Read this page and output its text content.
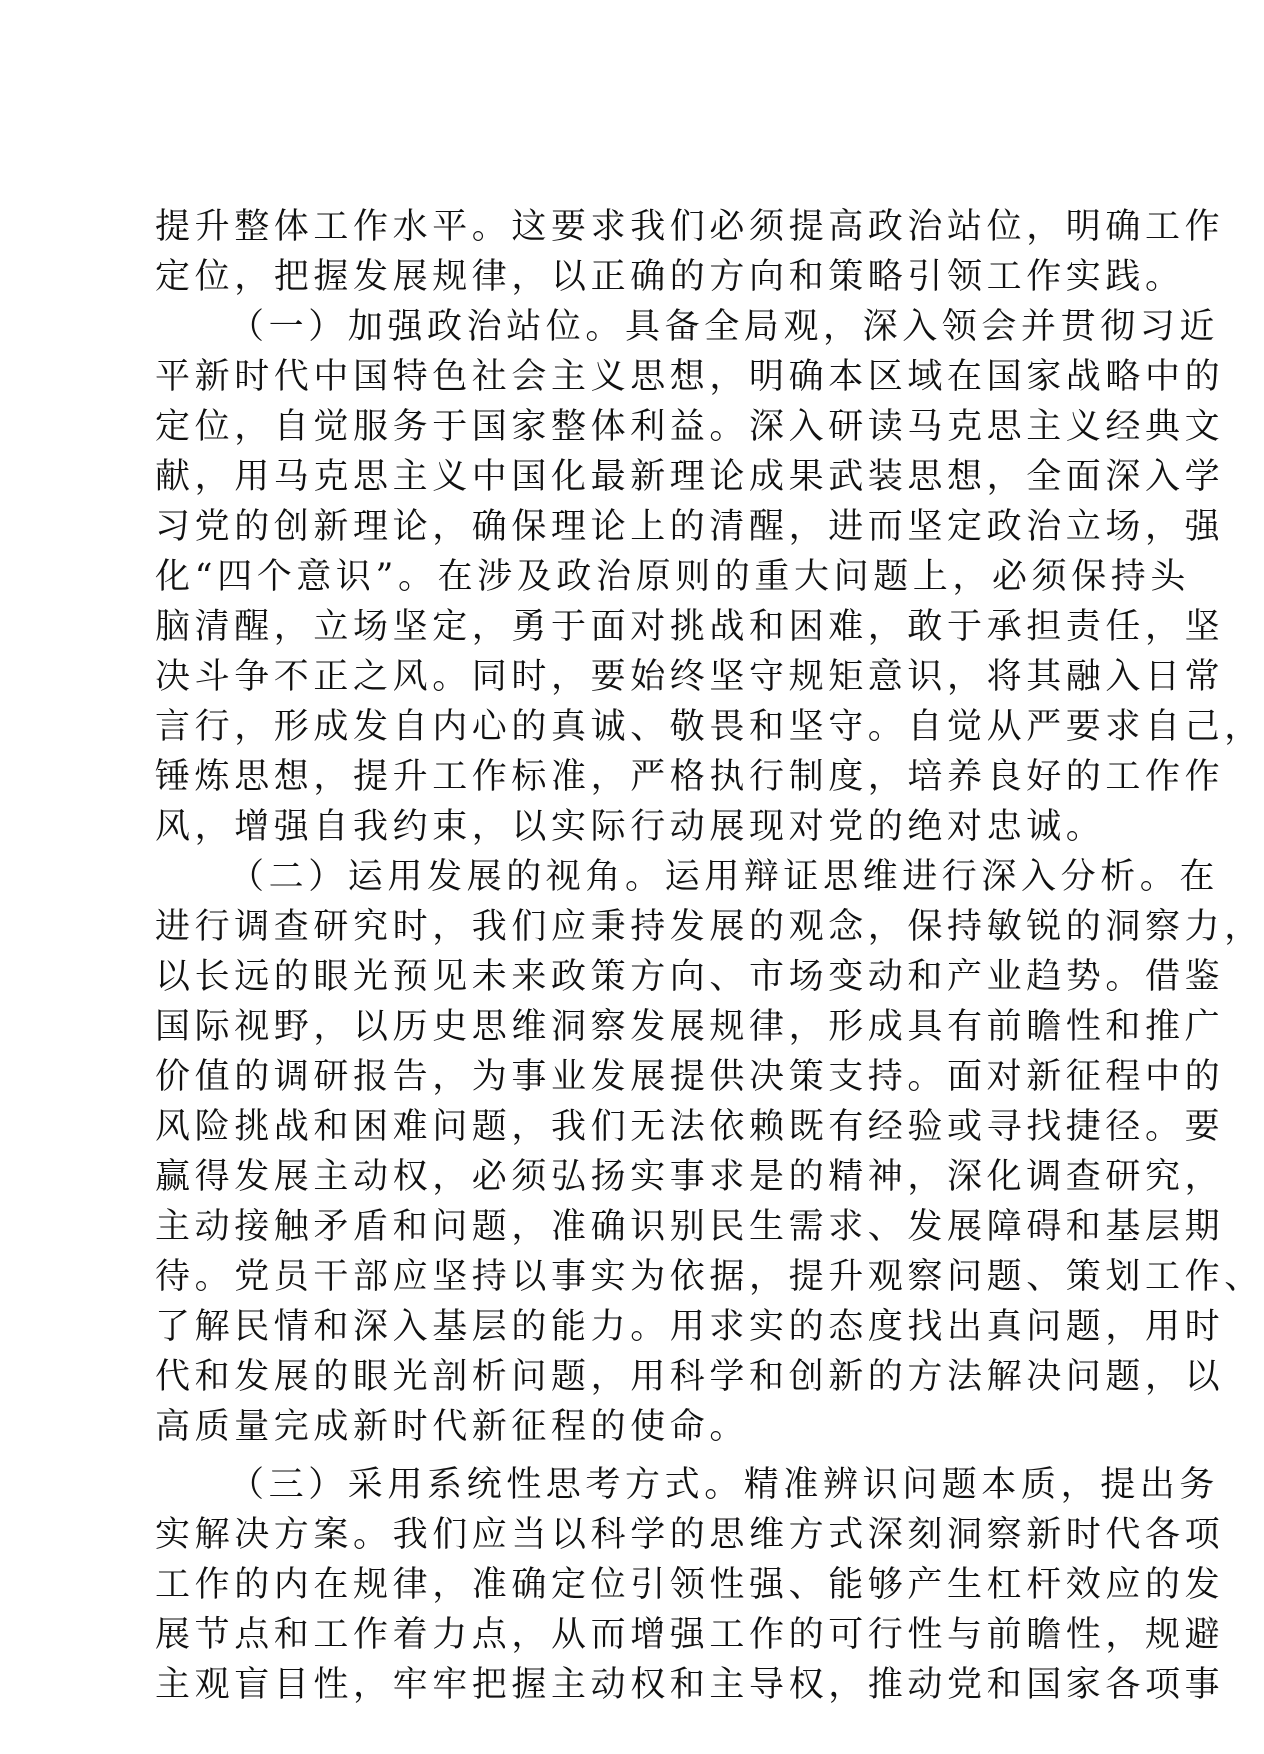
提升整体工作水平。这要求我们必须提高政治站位，明确工作
定位，把握发展规律，以正确的方向和策略引领工作实践。
（一）加强政治站位。具备全局观，深入领会并贯彻习近
平新时代中国特色社会主义思想，明确本区域在国家战略中的
定位，自觉服务于国家整体利益。深入研读马克思主义经典文
献，用马克思主义中国化最新理论成果武装思想，全面深入学
习党的创新理论，确保理论上的清醒，进而坚定政治立场，强
化“四个意识”。在涉及政治原则的重大问题上，必须保持头
脑清醒，立场坚定，勇于面对挑战和困难，敢于承担责任，坚
决斗争不正之风。同时，要始终坚守规矩意识，将其融入日常
言行，形成发自内心的真诚、敬畏和坚守。自觉从严要求自己，
锤炼思想，提升工作标准，严格执行制度，培养良好的工作作
风，增强自我约束，以实际行动展现对党的绝对忠诚。
（二）运用发展的视角。运用辩证思维进行深入分析。在
进行调查研究时，我们应秉持发展的观念，保持敏锐的洞察力，
以长远的眼光预见未来政策方向、市场变动和产业趋势。借鉴
国际视野，以历史思维洞察发展规律，形成具有前瞻性和推广
价值的调研报告，为事业发展提供决策支持。面对新征程中的
风险挑战和困难问题，我们无法依赖既有经验或寻找捷径。要
赢得发展主动权，必须弘扬实事求是的精神，深化调查研究，
主动接触矛盾和问题，准确识别民生需求、发展障碍和基层期
待。党员干部应坚持以事实为依据，提升观察问题、策划工作、
了解民情和深入基层的能力。用求实的态度找出真问题，用时
代和发展的眼光剖析问题，用科学和创新的方法解决问题，以
高质量完成新时代新征程的使命。
（三）采用系统性思考方式。精准辨识问题本质，提出务
实解决方案。我们应当以科学的思维方式深刻洞察新时代各项
工作的内在规律，准确定位引领性强、能够产生杠杆效应的发
展节点和工作着力点，从而增强工作的可行性与前瞻性，规避
主观盲目性，牢牢把握主动权和主导权，推动党和国家各项事
